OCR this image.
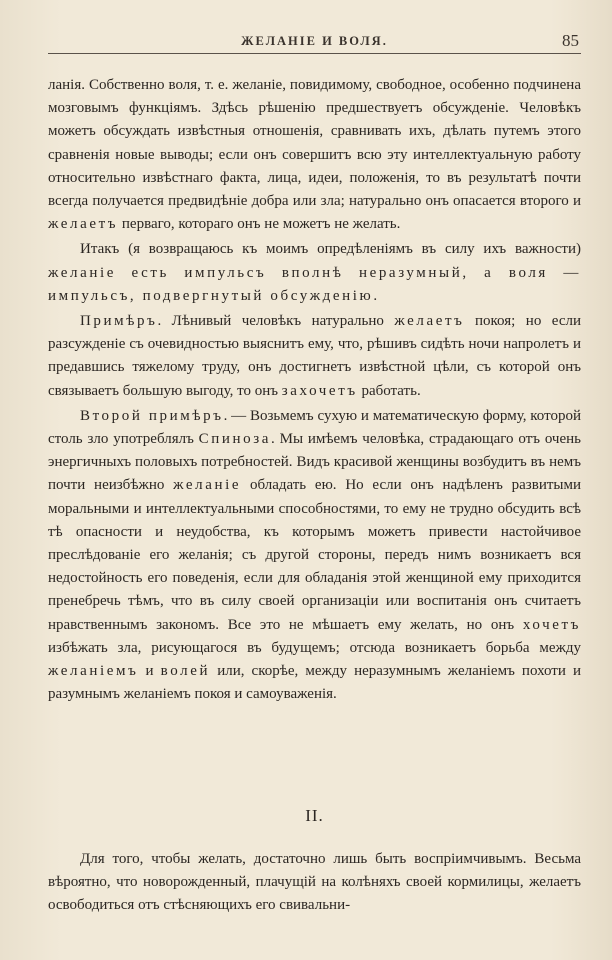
ЖЕЛАНІЕ И ВОЛЯ.	85

ланія. Собственно воля, т. е. желаніе, повидимому, свободное, особенно подчинена мозговымъ функціямъ. Здѣсь рѣшенію предшествуетъ обсужденіе. Человѣкъ можетъ обсуждать извѣстныя отношенія, сравнивать ихъ, дѣлать путемъ этого сравненія новые выводы; если онъ совершитъ всю эту интеллектуальную работу относительно извѣстнаго факта, лица, идеи, положенія, то въ результатѣ почти всегда получается предвидѣніе добра или зла; натурально онъ опасается второго и желаетъ перваго, котораго онъ не можетъ не желать.

Итакъ (я возвращаюсь къ моимъ опредѣленіямъ въ силу ихъ важности) желаніе есть импульсъ вполнѣ неразумный, а воля — импульсъ, подвергнутый обсужденію.

Примѣръ. Лѣнивый человѣкъ натурально желаетъ покоя; но если разсужденіе съ очевидностью выяснитъ ему, что, рѣшивъ сидѣть ночи напролетъ и предавшись тяжелому труду, онъ достигнетъ извѣстной цѣли, съ которой онъ связываетъ большую выгоду, то онъ захочетъ работать.

Второй примѣръ. — Возьмемъ сухую и математическую форму, которой столь зло употреблялъ Спиноза. Мы имѣемъ человѣка, страдающаго отъ очень энергичныхъ половыхъ потребностей. Видъ красивой женщины возбудитъ въ немъ почти неизбѣжно желаніе обладать ею. Но если онъ надѣленъ развитыми моральными и интеллектуальными способностями, то ему не трудно обсудить всѣ тѣ опасности и неудобства, къ которымъ можетъ привести настойчивое преслѣдованіе его желанія; съ другой стороны, передъ нимъ возникаетъ вся недостойность его поведенія, если для обладанія этой женщиной ему приходится пренебречь тѣмъ, что въ силу своей организаціи или воспитанія онъ считаетъ нравственнымъ закономъ. Все это не мѣшаетъ ему желать, но онъ хочетъ избѣжать зла, рисующагося въ будущемъ; отсюда возникаетъ борьба между желаніемъ и волей или, скорѣе, между неразумнымъ желаніемъ похоти и разумнымъ желаніемъ покоя и самоуваженія.

II.

Для того, чтобы желать, достаточно лишь быть воспріимчивымъ. Весьма вѣроятно, что новорожденный, плачущій на колѣняхъ своей кормилицы, желаетъ освободиться отъ стѣсняющихъ его свивальни-
